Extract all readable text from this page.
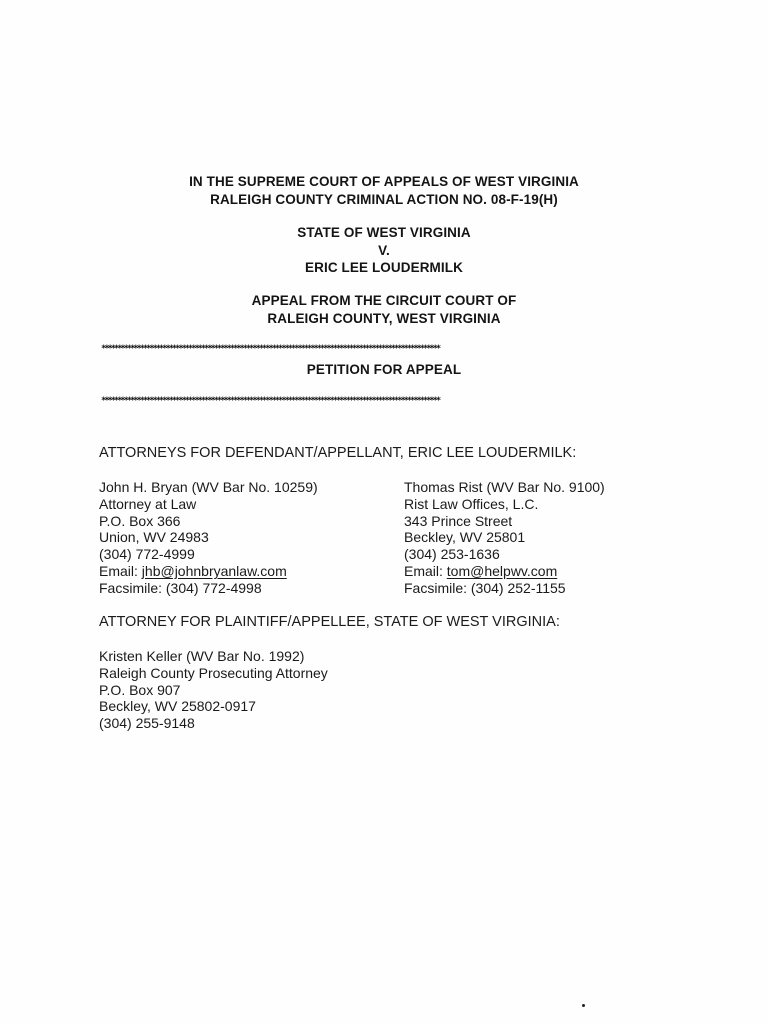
IN THE SUPREME COURT OF APPEALS OF WEST VIRGINIA
RALEIGH COUNTY CRIMINAL ACTION NO. 08-F-19(H)
STATE OF WEST VIRGINIA
V.
ERIC LEE LOUDERMILK
APPEAL FROM THE CIRCUIT COURT OF
RALEIGH COUNTY, WEST VIRGINIA
*********************************************************************************************************
PETITION FOR APPEAL
*********************************************************************************************************
ATTORNEYS FOR DEFENDANT/APPELLANT, ERIC LEE LOUDERMILK:
John H. Bryan (WV Bar No. 10259)
Attorney at Law
P.O. Box 366
Union, WV 24983
(304) 772-4999
Email: jhb@johnbryanlaw.com
Facsimile: (304) 772-4998
Thomas Rist (WV Bar No. 9100)
Rist Law Offices, L.C.
343 Prince Street
Beckley, WV 25801
(304) 253-1636
Email: tom@helpwv.com
Facsimile: (304) 252-1155
ATTORNEY FOR PLAINTIFF/APPELLEE, STATE OF WEST VIRGINIA:
Kristen Keller (WV Bar No. 1992)
Raleigh County Prosecuting Attorney
P.O. Box 907
Beckley, WV 25802-0917
(304) 255-9148
